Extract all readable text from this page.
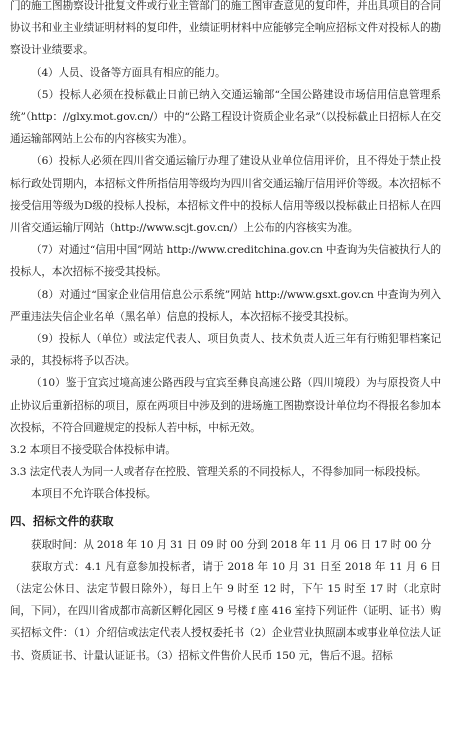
门的施工图勘察设计批复文件或行业主管部门的施工图审查意见的复印件，并出具项目的合同协议书和业主业绩证明材料的复印件，业绩证明材料中应能够完全响应招标文件对投标人的勘察设计业绩要求。

（4）人员、设备等方面具有相应的能力。

（5）投标人必须在投标截止日前已纳入交通运输部“全国公路建设市场信用信息管理系统”（http：//glxy.mot.gov.cn/）中的“公路工程设计资质企业名录”（以投标截止日招标人在交通运输部网站上公布的内容核实为准）。

（6）投标人必须在四川省交通运输厅办理了建设从业单位信用评价，且不得处于禁止投标行政处罚期内，本招标文件所指信用等级均为四川省交通运输厅信用评价等级。本次招标不接受信用等级为D级的投标人投标，本招标文件中的投标人信用等级以投标截止日招标人在四川省交通运输厅网站（http://www.scjt.gov.cn/）上公布的内容核实为准。

（7）对通过“信用中国”网站 http://www.creditchina.gov.cn 中查询为失信被执行人的投标人，本次招标不接受其投标。

（8）对通过“国家企业信用信息公示系统”网站 http://www.gsxt.gov.cn 中查询为列入严重违法失信企业名单（黑名单）信息的投标人，本次招标不接受其投标。

（9）投标人（单位）或法定代表人、项目负责人、技术负责人近三年有行贿犯罪档案记录的，其投标将予以否决。

（10）鉴于宜宾过境高速公路西段与宜宾至彝良高速公路（四川境段）为与原投资人中止协议后重新招标的项目，原在两项目中涉及到的进场施工图勘察设计单位均不得报名参加本次投标，不符合回避规定的投标人若中标，中标无效。

3.2 本项目不接受联合体投标申请。

3.3 法定代表人为同一人或者存在控股、管理关系的不同投标人，不得参加同一标段投标。

本项目不允许联合体投标。

四、招标文件的获取

获取时间：从 2018 年 10 月 31 日 09 时 00 分到 2018 年 11 月 06 日 17 时 00 分

获取方式：4.1 凡有意参加投标者，请于 2018 年 10 月 31 日至 2018 年 11 月 6 日（法定公休日、法定节假日除外），每日上午 9 时至 12 时，下午 15 时至 17 时（北京时间，下同），在四川省成都市高新区孵化园区 9 号楼 f 座 416 室持下列证件（证明、证书）购买招标文件：（1）介绍信或法定代表人授权委托书（2）企业营业执照副本或事业单位法人证书、资质证书、计量认证证书。（3）招标文件售价人民币 150 元，售后不退。招标
